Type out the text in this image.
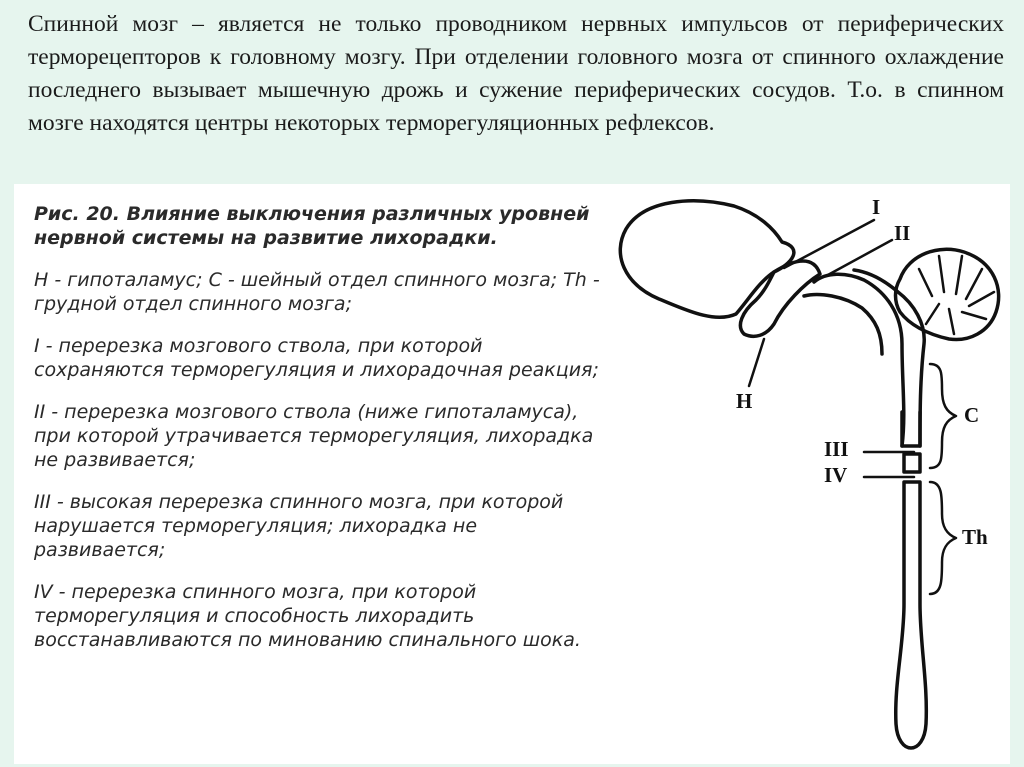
Спинной мозг – является не только проводником нервных импульсов от периферических терморецепторов к головному мозгу. При отделении головного мозга от спинного охлаждение последнего вызывает мышечную дрожь и сужение периферических сосудов. Т.о. в спинном мозге находятся центры некоторых терморегуляционных рефлексов.

Рис. 20. Влияние выключения различных уровней нервной системы на развитие лихорадки.
Н - гипоталамус; С - шейный отдел спинного мозга; Th - грудной отдел спинного мозга;
I - перерезка мозгового ствола, при которой сохраняются терморегуляция и лихорадочная реакция;
II - перерезка мозгового ствола (ниже гипоталамуса), при которой утрачивается терморегуляция, лихорадка не развивается;
III - высокая перерезка спинного мозга, при которой нарушается терморегуляция; лихорадка не развивается;
IV - перерезка спинного мозга, при которой терморегуляция и способность лихорадить восстанавливаются по минованию спинального шока.
I
II
III
IV
H
C
Th
